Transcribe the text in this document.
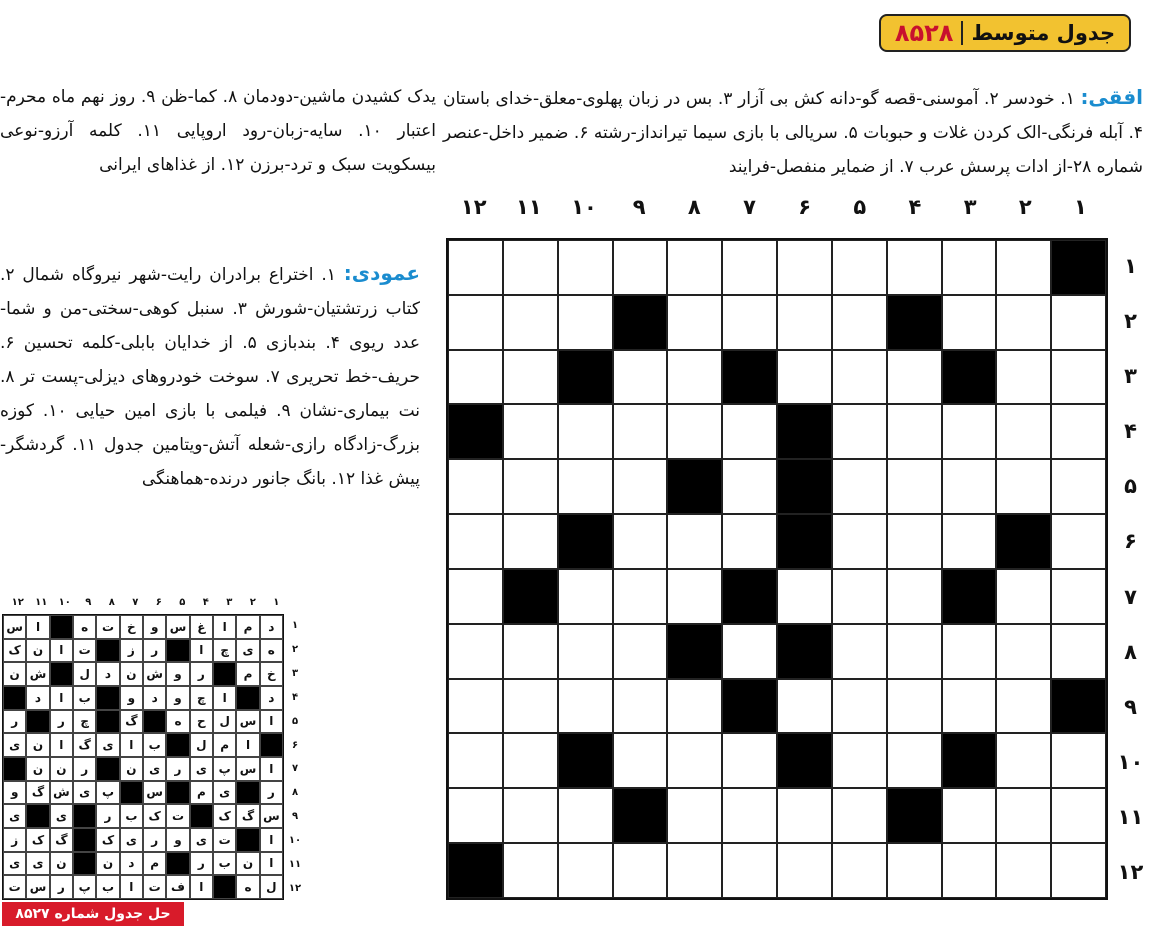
جدول متوسط
۸۵۲۸
افقی: ۱. خودسر ۲. آموسنی-قصه گو-دانه کش بی آزار ۳. بس در زبان پهلوی-معلق-خدای باستان ۴. آبله فرنگی-الک کردن غلات و حبوبات ۵. سریالی با بازی سیما تیرانداز-رشته ۶. ضمیر داخل-عنصر شماره ۲۸-از ادات پرسش عرب ۷. از ضمایر منفصل-فرایند
یدک کشیدن ماشین-دودمان ۸. کما-ظن ۹. روز نهم ماه محرم-اعتبار ۱۰. سایه-زبان-رود اروپایی ۱۱. کلمه آرزو-نوعی بیسکویت سبک و ترد-برزن ۱۲. از غذاهای ایرانی
عمودی: ۱. اختراع برادران رایت-شهر نیروگاه شمال ۲. کتاب زرتشتیان-شورش ۳. سنبل کوهی-سختی-من و شما-عدد ریوی ۴. بندبازی ۵. از خدایان بابلی-کلمه تحسین ۶. حریف-خط تحریری ۷. سوخت خودروهای دیزلی-پست تر ۸. نت بیماری-نشان ۹. فیلمی با بازی امین حیایی ۱۰. کوزه بزرگ-زادگاه رازی-شعله آتش-ویتامین جدول ۱۱. گردشگر-پیش غذا ۱۲. بانگ جانور درنده-هماهنگی
۱
۲
۳
۴
۵
۶
۷
۸
۹
۱۰
۱۱
۱۲
۱
۲
۳
۴
۵
۶
۷
۸
۹
۱۰
۱۱
۱۲
۱
۲
۳
۴
۵
۶
۷
۸
۹
۱۰
۱۱
۱۲
د
م
ا
غ
س
و
خ
ت
ه
ا
س
ه
ی
چ
ا
ر
ز
ت
ا
ن
ک
خ
م
ر
و
ش
ن
د
ل
ش
ن
د
ا
چ
و
د
و
ب
ا
د
ا
س
ل
ح
ه
گ
چ
ر
ر
ا
م
ل
ب
ا
ی
گ
ا
ن
ی
ا
س
پ
ی
ر
ی
ن
ر
ن
ن
ر
ی
م
س
پ
ی
ش
گ
و
س
گ
ک
ت
ک
ب
ر
ی
ی
ا
ت
ی
و
ر
ی
ک
گ
ک
ز
ا
ن
ب
ر
م
د
ن
ن
ی
ی
ل
ه
ا
ف
ت
ا
ب
پ
ر
س
ت
۱
۲
۳
۴
۵
۶
۷
۸
۹
۱۰
۱۱
۱۲
حل جدول شماره ۸۵۲۷
